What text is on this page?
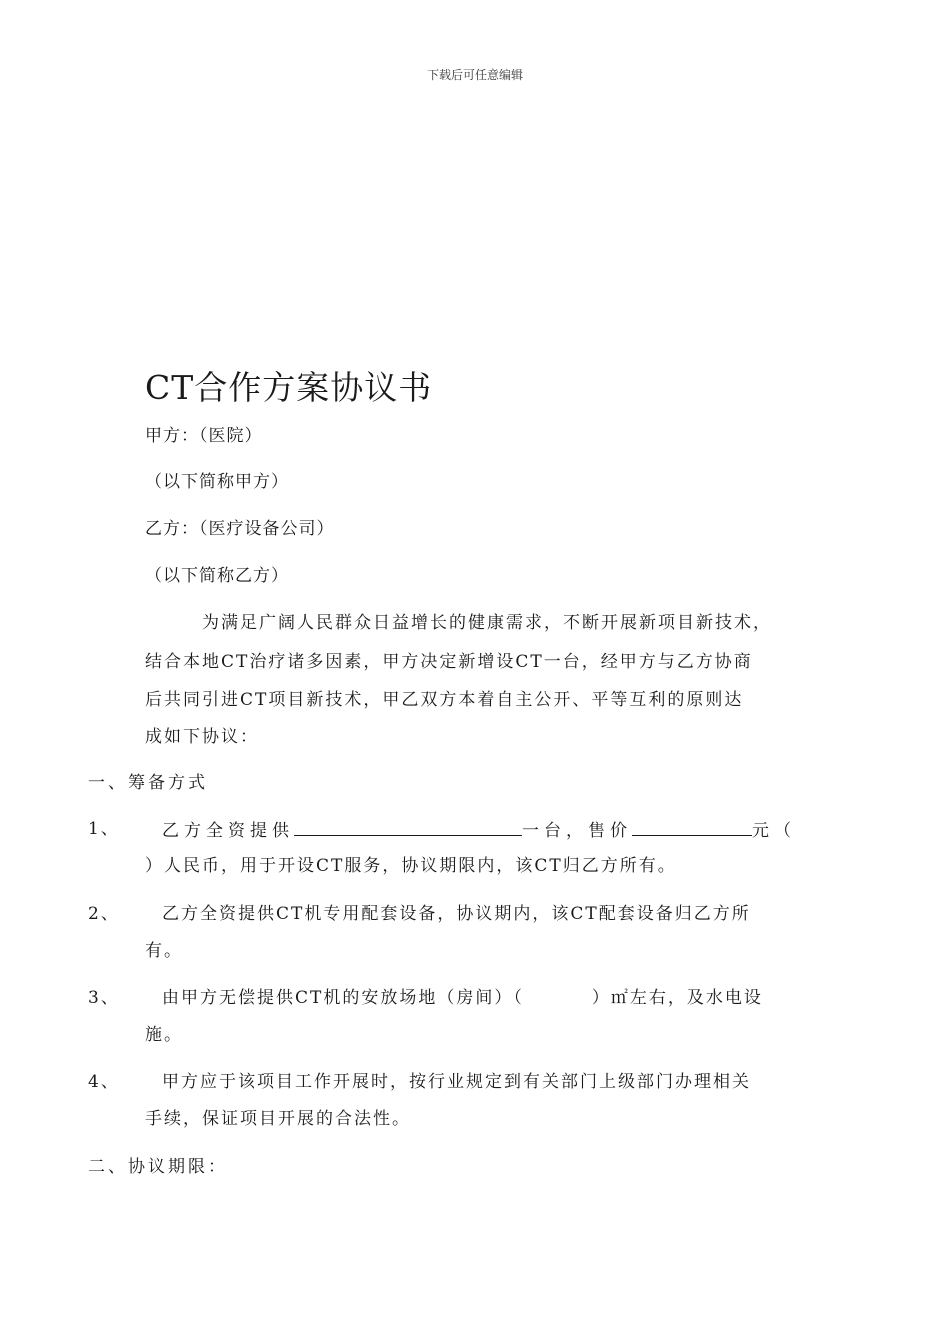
下载后可任意编辑
CT合作方案协议书
甲方：（医院）
（以下简称甲方）
乙方：（医疗设备公司）
（以下简称乙方）
为满足广阔人民群众日益增长的健康需求，不断开展新项目新技术，
结合本地CT治疗诸多因素，甲方决定新增设CT一台，经甲方与乙方协商
后共同引进CT项目新技术，甲乙双方本着自主公开、平等互利的原则达
成如下协议：
一、筹备方式
1、 乙方全资提供	一台，售价	元（
）人民币，用于开设CT服务，协议期限内，该CT归乙方所有。
2、 乙方全资提供CT机专用配套设备，协议期内，该CT配套设备归乙方所
有。
3、 由甲方无偿提供CT机的安放场地（房间）（	）㎡左右，及水电设
施。
4、 甲方应于该项目工作开展时，按行业规定到有关部门上级部门办理相关
手续，保证项目开展的合法性。
二、协议期限：
